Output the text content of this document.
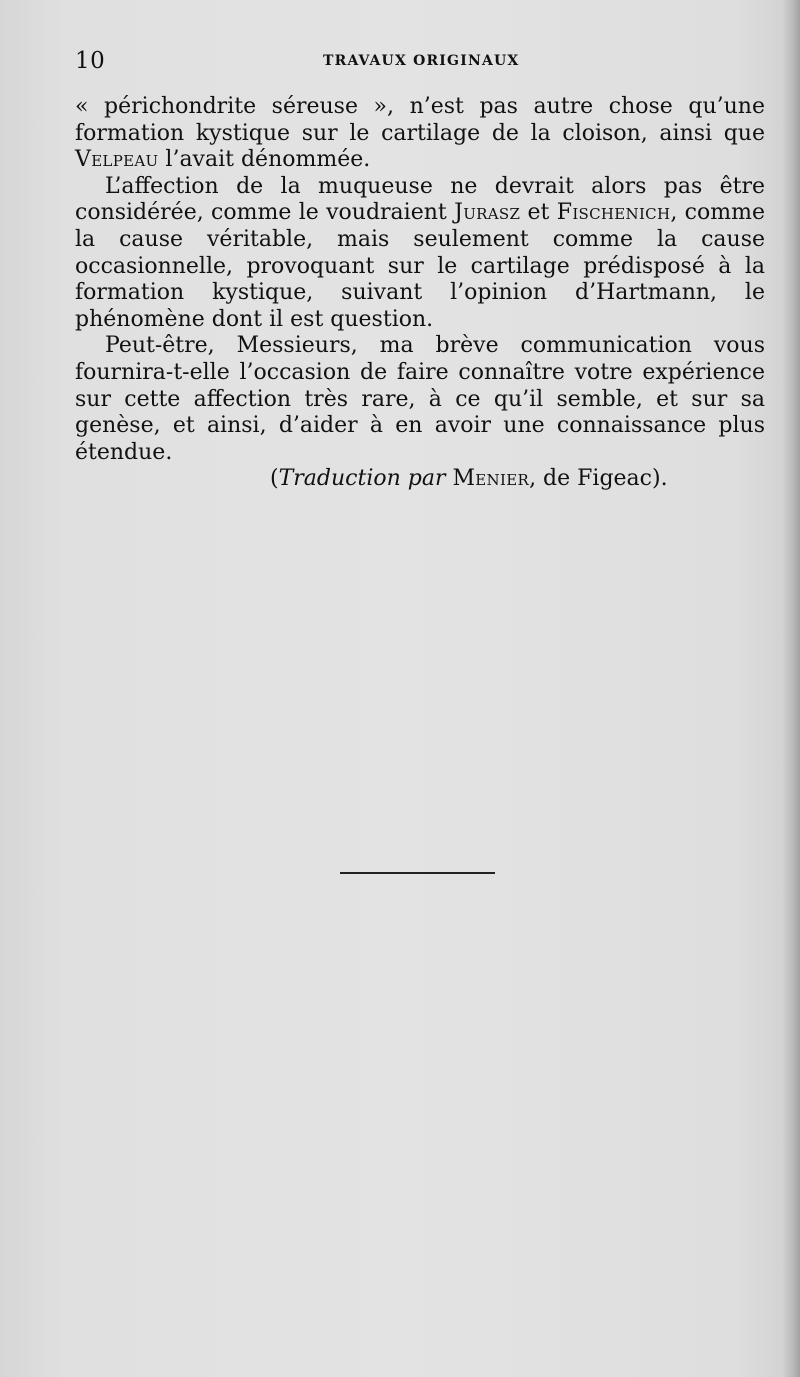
10	TRAVAUX ORIGINAUX

« périchondrite séreuse », n’est pas autre chose qu’une formation kystique sur le cartilage de la cloison, ainsi que Velpeau l’avait dénommée.

L’affection de la muqueuse ne devrait alors pas être considérée, comme le voudraient Jurasz et Fischenich, comme la cause véritable, mais seulement comme la cause occasionnelle, provoquant sur le cartilage prédisposé à la formation kystique, suivant l’opinion d’Hartmann, le phénomène dont il est question.

Peut-être, Messieurs, ma brève communication vous fournira-t-elle l’occasion de faire connaître votre expérience sur cette affection très rare, à ce qu’il semble, et sur sa genèse, et ainsi, d’aider à en avoir une connaissance plus étendue.

(Traduction par Menier, de Figeac).
